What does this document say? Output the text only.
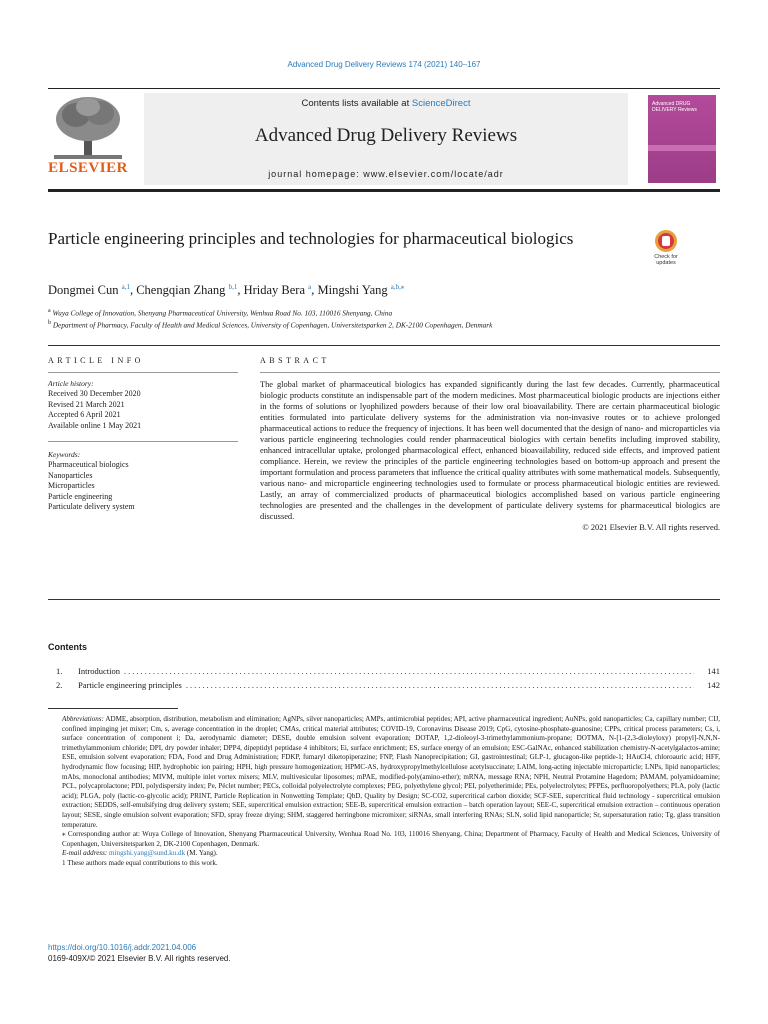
Advanced Drug Delivery Reviews 174 (2021) 140–167
ELSEVIER
Contents lists available at ScienceDirect
Advanced Drug Delivery Reviews
journal homepage: www.elsevier.com/locate/adr
Advanced DRUG DELIVERY Reviews
Particle engineering principles and technologies for pharmaceutical biologics
Check for updates
Dongmei Cun $^{a,1}$, Chengqian Zhang $^{b,1}$, Hriday Bera $^a$, Mingshi Yang $^{a,b,⁎}$
$^a$ Wuya College of Innovation, Shenyang Pharmaceutical University, Wenhua Road No. 103, 110016 Shenyang, China
$^b$ Department of Pharmacy, Faculty of Health and Medical Sciences, University of Copenhagen, Universitetsparken 2, DK-2100 Copenhagen, Denmark
ARTICLE INFO	ABSTRACT
Article history:
Received 30 December 2020
Revised 21 March 2021
Accepted 6 April 2021
Available online 1 May 2021
Keywords:
Pharmaceutical biologics
Nanoparticles
Microparticles
Particle engineering
Particulate delivery system
The global market of pharmaceutical biologics has expanded significantly during the last few decades. Currently, pharmaceutical biologic products constitute an indispensable part of the modern medicines. Most pharmaceutical biologic products are injections either in the forms of solutions or lyophilized powders because of their low oral bioavailability. There are certain pharmaceutical biologic entities formulated into particulate delivery systems for the administration via non-invasive routes or to achieve prolonged pharmaceutical actions to reduce the frequency of injections. It has been well documented that the design of nano- and microparticles via various particle engineering technologies could render pharmaceutical biologics with certain benefits including improved stability, enhanced intracellular uptake, prolonged pharmacological effect, enhanced bioavailability, reduced side effects, and improved patient compliance. Herein, we review the principles of the particle engineering technologies based on bottom-up approach and present the important formulation and process parameters that influence the critical quality attributes with some mathematical models. Subsequently, various nano- and microparticle engineering technologies used to formulate or process pharmaceutical biologic entities are reviewed. Lastly, an array of commercialized products of pharmaceutical biologics accomplished based on various particle engineering technologies are presented and the challenges in the development of particulate delivery systems for pharmaceutical biologics are discussed.
© 2021 Elsevier B.V. All rights reserved.
Contents
1.	Introduction .....	141
2.	Particle engineering principles .....	142
Abbreviations: ADME, absorption, distribution, metabolism and elimination; AgNPs, silver nanoparticles; AMPs, antimicrobial peptides; API, active pharmaceutical ingredient; AuNPs, gold nanoparticles; Ca, capillary number; CIJ, confined impinging jet mixer; Cm, s, average concentration in the droplet; CMAs, critical material attributes; COVID-19, Coronavirus Disease 2019; CpG, cytosine-phosphate-guanosine; CPPs, critical process parameters; Cs, i, surface concentration of component i; Da, aerodynamic diameter; DESE, double emulsion solvent evaporation; DOTAP, 1,2-dioleoyl-3-trimethylammonium-propane; DOTMA, N-[1-(2,3-dioleyloxy) propyl]-N,N,N-trimethylammonium chloride; DPI, dry powder inhaler; DPP4, dipeptidyl peptidase 4 inhibitors; Ei, surface enrichment; ES, surface energy of an emulsion; ESC-GalNAc, enhanced stabilization chemistry-N-acetylgalactos-amine; ESE, emulsion solvent evaporation; FDA, Food and Drug Administration; FDKP, fumaryl diketopiperazine; FNP, Flash Nanoprecipitation; GI, gastrointestinal; GLP-1, glucagon-like peptide-1; HAuCl4, chloroauric acid; HFF, hydrodynamic flow focusing; HIP, hydrophobic ion pairing; HPH, high pressure homogenization; HPMC-AS, hydroxypropylmethylcellulose acetylsuccinate; LAIM, long-acting injectable microparticle; LNPs, lipid nanoparticles; mAbs, monoclonal antibodies; MIVM, multiple inlet vortex mixers; MLV, multivesicular liposomes; mPAE, modified-poly(amino-ether); mRNA, message RNA; NPH, Neutral Protamine Hagedorn; PAMAM, polyamidoamine; PCL, polycaprolactone; PDI, polydispersity index; Pe, Péclet number; PECs, colloidal polyelectrolyte complexes; PEG, polyethylene glycol; PEI, polyetherimide; PEs, polyelectrolytes; PFPEs, perfluoropolyethers; PLA, poly (lactic acid); PLGA, poly (lactic-co-glycolic acid); PRINT, Particle Replication in Nonwetting Template; QbD, Quality by Design; SC-CO2, supercritical carbon dioxide; SCF-SEE, supercritical fluid technology - supercritical emulsion extraction; SEDDS, self-emulsifying drug delivery system; SEE, supercritical emulsion extraction; SEE-B, supercritical emulsion extraction – batch operation layout; SEE-C, supercritical emulsion extraction – continuous operation layout; SESE, single emulsion solvent evaporation; SFD, spray freeze drying; SHM, staggered herringbone micromixer; siRNAs, small interfering RNAs; SLN, solid lipid nanoparticle; Sr, supersaturation ratio; Tg, glass transition temperature.
⁎ Corresponding author at: Wuya College of Innovation, Shenyang Pharmaceutical University, Wenhua Road No. 103, 110016 Shenyang, China; Department of Pharmacy, Faculty of Health and Medical Sciences, University of Copenhagen, Universitetsparken 2, DK-2100 Copenhagen, Denmark.
E-mail address: mingshi.yang@sund.ku.dk (M. Yang).
1 These authors made equal contributions to this work.
https://doi.org/10.1016/j.addr.2021.04.006
0169-409X/© 2021 Elsevier B.V. All rights reserved.
